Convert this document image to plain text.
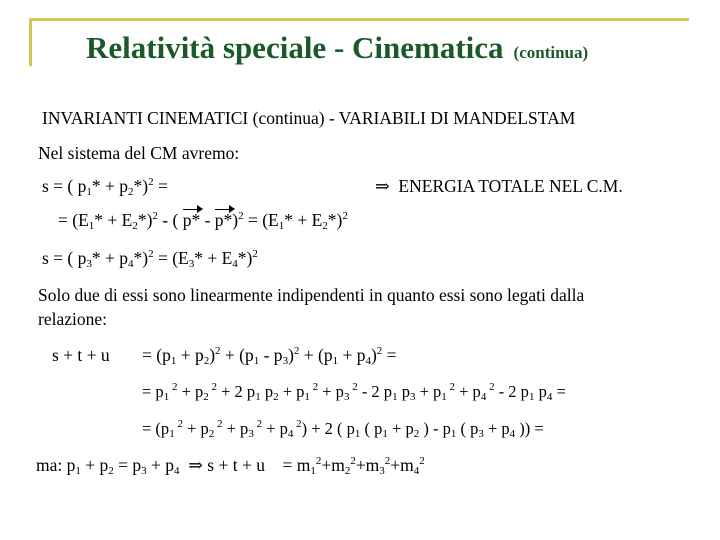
Relatività speciale - Cinematica (continua)
INVARIANTI CINEMATICI (continua) - VARIABILI DI MANDELSTAM
Nel sistema del CM avremo:
s = ( $p_1* + p_2*)^2$ =	⇒ ENERGIA TOTALE NEL C.M.
= $(E_1* + E_2*)^2$ - ( $p* - p*)^2 = (E_1* + E_2*)^2$
s = ( $p_3* + p_4*)^2 = (E_3* + E_4*)^2$
Solo due di essi sono linearmente indipendenti in quanto essi sono legati dalla
relazione:
$s + t + u = (p_1 + p_2)^2 + (p_1 - p_3)^2 + (p_1 + p_4)^2$ =
= $p_1$ $^2 + p_2$ $^2$ + 2 $p_1$ $p_2 + p_1$ $^2 + p_3$ $^2$ - 2 $p_1$ $p_3 + p_1$ $^2 + p_4$ $^2$ - 2 $p_1$ $p_4$ =
= ($p_1$ $^2 + p_2$ $^2 + p_3$ $^2 + p_4$ $^2$) + 2 ( $p_1$ ( $p_1 + p_2$ ) - $p_1$ ( $p_3 + p_4$ )) =
ma: $p_1 + p_2 = p_3 + p_4$ ⇒ $s + t + u = m_1^2+m_2^2+m_3^2+m_4^2$
